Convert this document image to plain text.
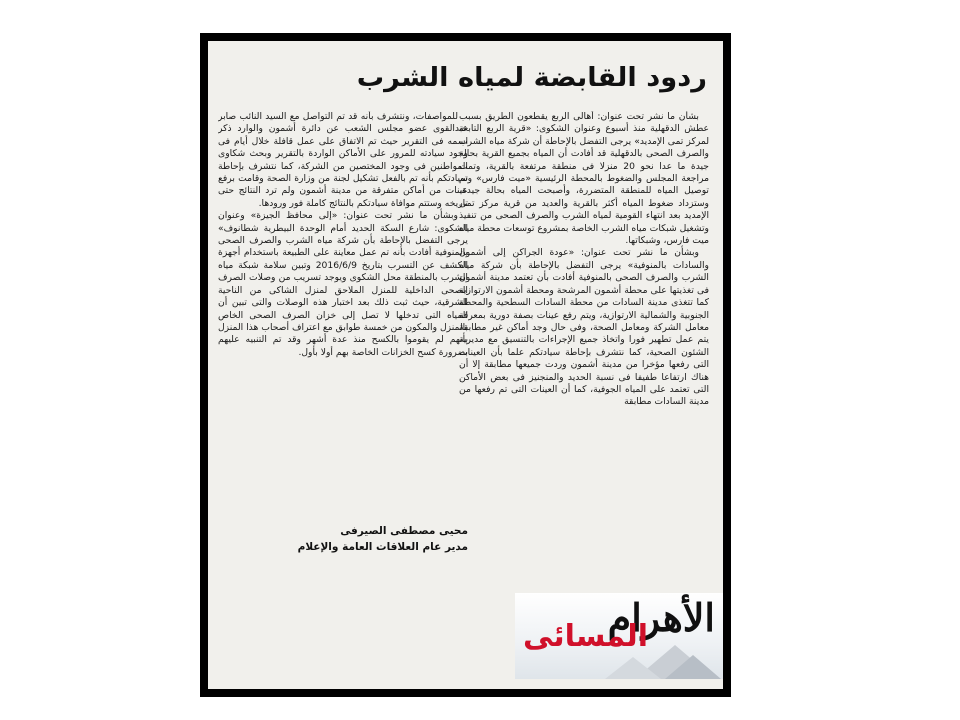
ردود القابضة لمياه الشرب

بشأن ما نشر تحت عنوان: أهالى الربع يقطعون الطريق بسبب عطش الدقهلية منذ أسبوع وعنوان الشكوى: «قرية الربع التابعة لمركز تمى الإمديد» يرجى التفضل بالإحاطة أن شركة مياه الشرب والصرف الصحى بالدقهلية قد أفادت أن المياه بجميع القرية بحالة جيدة ما عدا نحو 20 منزلا فى منطقة مرتفعة بالقرية، وتمت مراجعة المجلس والضغوط بالمحطة الرئيسية «ميت فارس» وتم توصيل المياه للمنطقة المتضررة، وأصبحت المياه بحالة جيدة، وستزداد ضغوط المياه أكثر بالقرية والعديد من قرية مركز تمى الإمديد بعد انتهاء القومية لمياه الشرب والصرف الصحى من تنفيذ وتشغيل شبكات مياه الشرب الخاصة بمشروع توسعات محطة مياه ميت فارس، وشبكاتها.

وبشأن ما نشر تحت عنوان: «عودة الجراكن إلى أشمون والسادات بالمنوفية» يرجى التفضل بالإحاطة بأن شركة مياه الشرب والصرف الصحى بالمنوفية أفادت بأن تعتمد مدينة أشمون فى تغذيتها على محطة أشمون المرشحة ومحطة أشمون الارتوازية كما تتغذى مدينة السادات من محطة السادات السطحية والمحطة الجنوبية والشمالية الارتوازية، ويتم رفع عينات بصفة دورية بمعرفة معامل الشركة ومعامل الصحة، وفى حال وجد أماكن غير مطابقة يتم عمل تطهير فورا واتخاذ جميع الإجراءات بالتنسيق مع مديرية الشئون الصحية، كما نتشرف بإحاطة سيادتكم علما بأن العينات التى رفعها مؤخرا من مدينة أشمون وردت جميعها مطابقة إلا أن هناك ارتفاعا طفيفا فى نسبة الحديد والمنجنيز فى بعض الأماكن التى تعتمد على المياه الجوفية، كما أن العينات التى تم رفعها من مدينة السادات مطابقة

للمواصفات، ونتشرف بأنه قد تم التواصل مع السيد النائب صابر عبدالقوى عضو مجلس الشعب عن دائرة أشمون والوارد ذكر اسمه فى التقرير حيث تم الاتفاق على عمل قافلة خلال أيام فى وجود سيادته للمرور على الأماكن الواردة بالتقرير وبحث شكاوى المواطنين فى وجود المختصين من الشركة، كما نتشرف بإحاطة سيادتكم بأنه تم بالفعل تشكيل لجنة من وزارة الصحة وقامت برفع عينات من أماكن متفرقة من مدينة أشمون ولم ترد النتائج حتى تاريخه وستتم موافاة سيادتكم بالنتائج كاملة فور ورودها.

وبشأن ما نشر تحت عنوان: «إلى محافظ الجيزة» وعنوان الشكوى: شارع السكة الحديد أمام الوحدة البيطرية شطانوف» يرجى التفضل بالإحاطة بأن شركة مياه الشرب والصرف الصحى بالمنوفية أفادت بأنه تم عمل معاينة على الطبيعة باستخدام أجهزة الكشف عن التسرب بتاريخ 2016/6/9 وتبين سلامة شبكة مياه الشرب بالمنطقة محل الشكوى ويوجد تسريب من وصلات الصرف الصحى الداخلية للمنزل الملاحق لمنزل الشاكى من الناحية الشرقية، حيث ثبت ذلك بعد اختبار هذه الوصلات والتى تبين أن المياه التى تدخلها لا تصل إلى خزان الصرف الصحى الخاص بالمنزل والمكون من خمسة طوابق مع اعتراف أصحاب هذا المنزل بأنهم لم يقوموا بالكسح منذ عدة أشهر وقد تم التنبيه عليهم بضرورة كسح الخزانات الخاصة بهم أولا بأول.

محيى مصطفى الصيرفى
مدير عام العلاقات العامة والإعلام
الأهرام
المسائى
